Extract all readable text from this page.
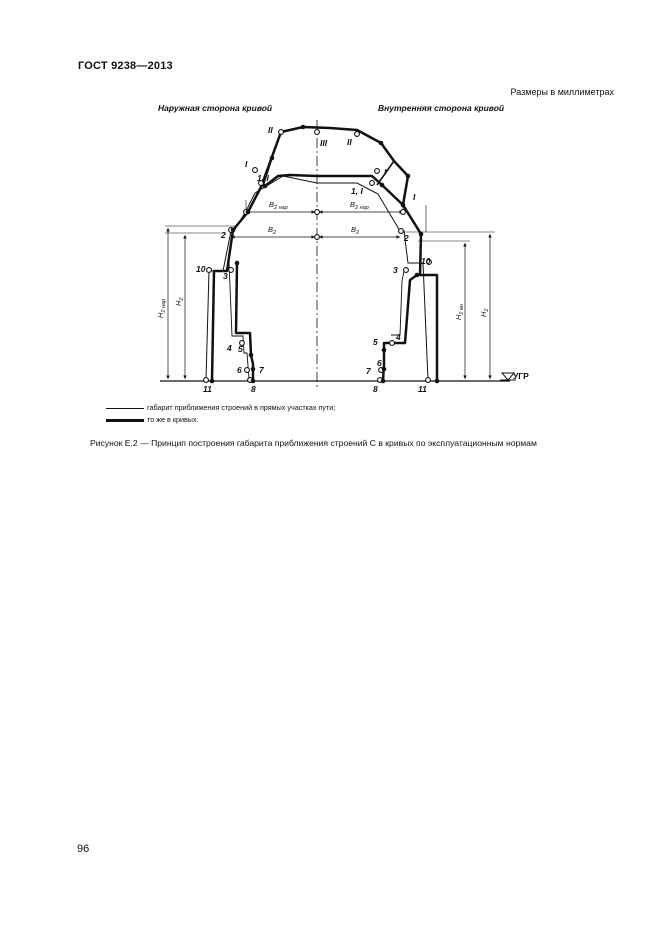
ГОСТ 9238—2013
Размеры в миллиметрах
Наружная сторона кривой	Внутренняя сторона кривой
УГР
$H_{2 нар}$ $H_2$
$H_{2 вн}$ $H_2$
$B_{2 нар}$	$B_{2 нар}$
$B_2$	$B_2$
II
III II
I
I
1, I
1, I
I
2	2
10
10
3
3
4
4
5
5
6
6
7	7
8	8
11	11
габарит приближения строений в прямых участках пути;
то же в кривых.
Рисунок Е.2 — Принцип построения габарита приближения строений С в кривых по эксплуатационным нормам
96
